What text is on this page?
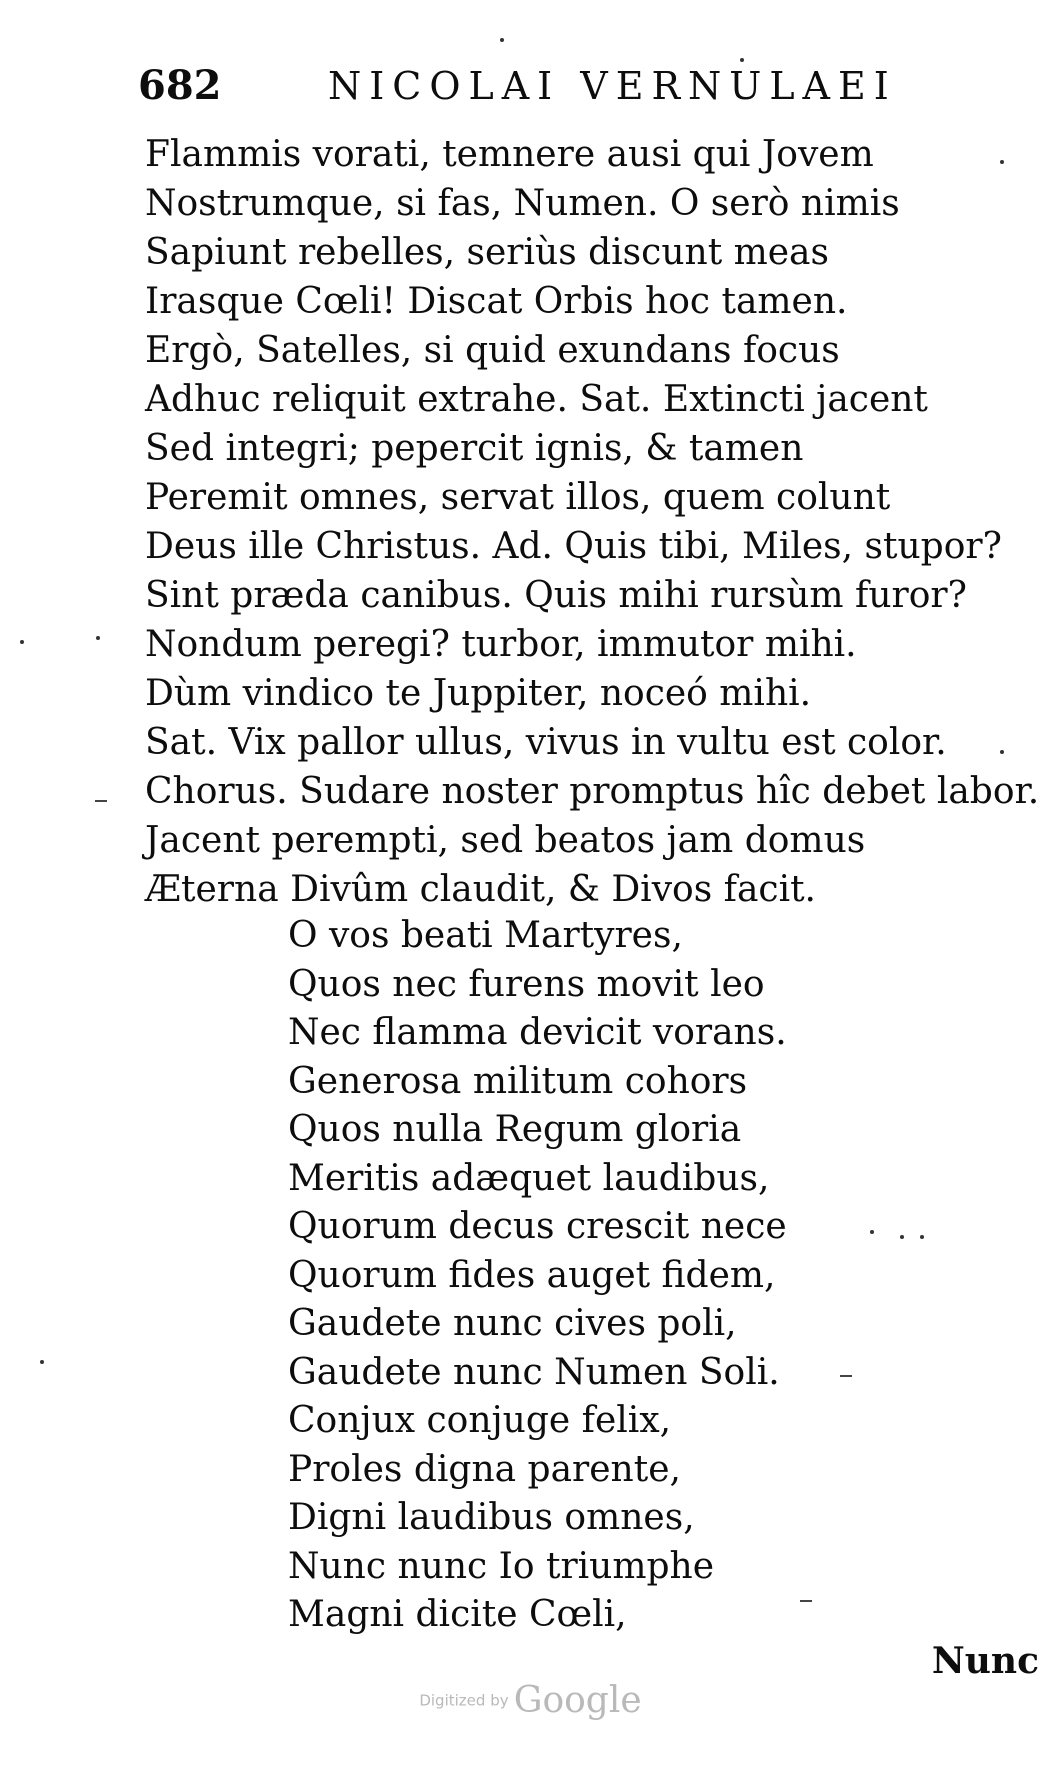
682	NICOLAI VERNULAEI
Flammis vorati, temnere ausi qui Jovem
Nostrumque, si fas, Numen. O serò nimis
Sapiunt rebelles, seriùs discunt meas
Irasque Cœli! Discat Orbis hoc tamen.
Ergò, Satelles, si quid exundans focus
Adhuc reliquit extrahe. Sat. Extincti jacent
Sed integri; pepercit ignis, & tamen
Peremit omnes, servat illos, quem colunt
Deus ille Christus. Ad. Quis tibi, Miles, stupor?
Sint præda canibus. Quis mihi rursùm furor?
Nondum peregi? turbor, immutor mihi.
Dùm vindico te Juppiter, noceó mihi.
Sat. Vix pallor ullus, vivus in vultu est color.
Chorus. Sudare noster promptus hîc debet labor.
Jacent perempti, sed beatos jam domus
Æterna Divûm claudit, & Divos facit.
O vos beati Martyres,
Quos nec furens movit leo
Nec flamma devicit vorans.
Generosa militum cohors
Quos nulla Regum gloria
Meritis adæquet laudibus,
Quorum decus crescit nece
Quorum fides auget fidem,
Gaudete nunc cives poli,
Gaudete nunc Numen Soli.
Conjux conjuge felix,
Proles digna parente,
Digni laudibus omnes,
Nunc nunc Io triumphe
Magni dicite Cœli,
Nunc
Digitized by Google
